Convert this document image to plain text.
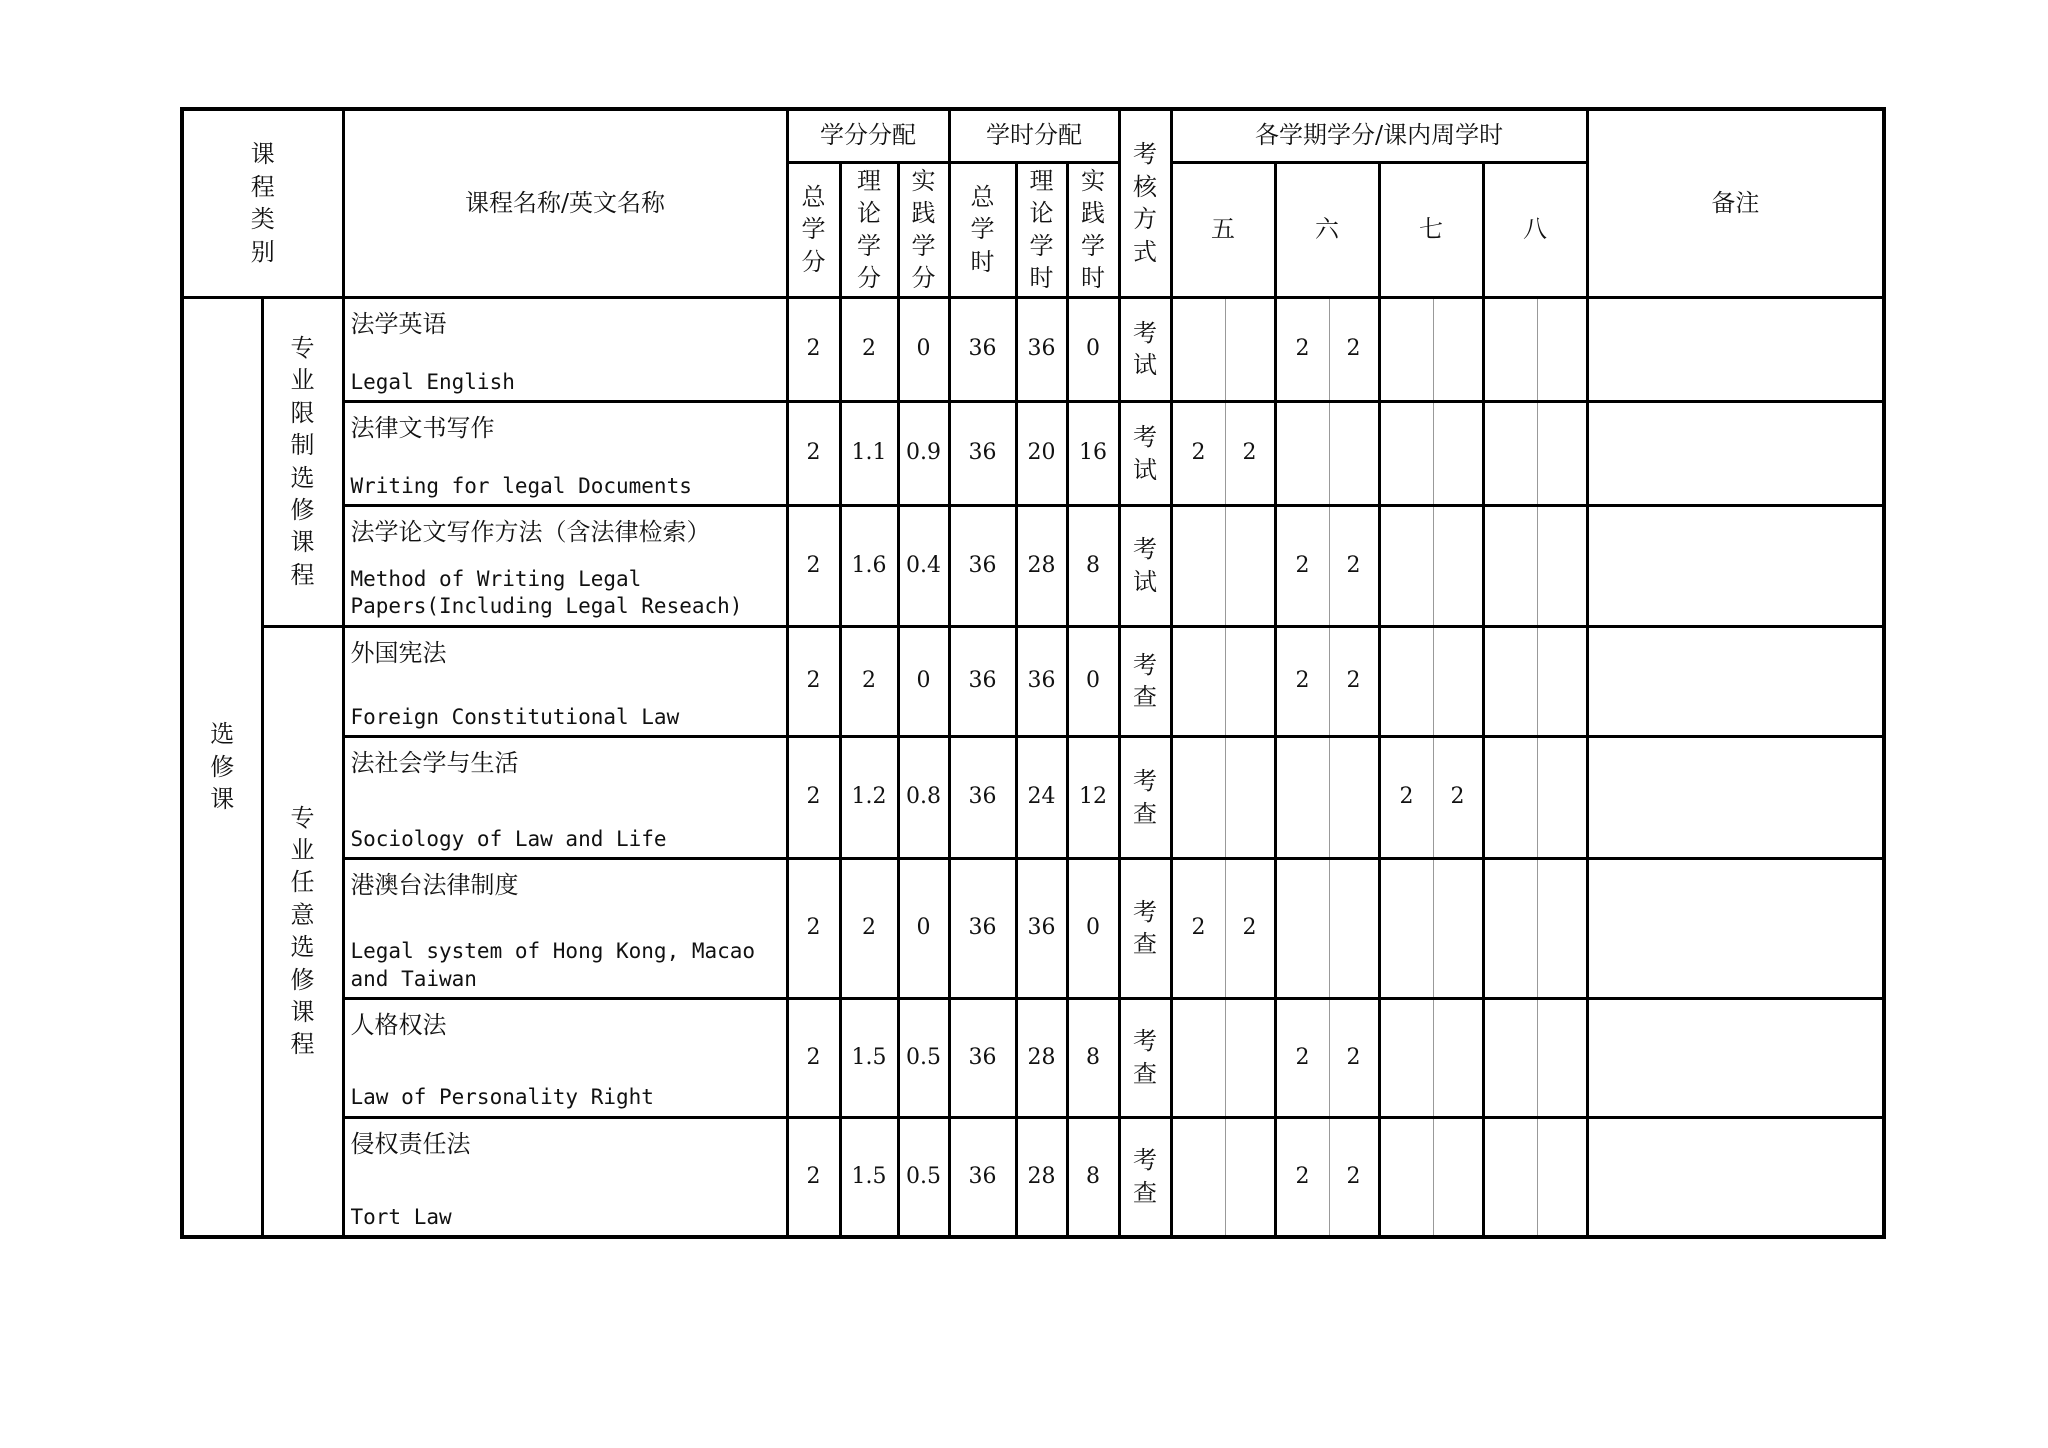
课程类别		课程名称/英文名称	学分分配			学时分配			考核方式	各学期学分/课内周学时								备注
			总学分	理论学分	实践学分	总学时	理论学时	实践学时		五		六		七		八		
选修课	专业限制选修课程	法学英语
Legal English	2	2	0	36	36	0	考试			2	2					

		法律文书写作
Writing for legal Documents	2	1.1	0.9	36	20	16	考试	2	2							

		法学论文写作方法（含法律检索）
Method of Writing Legal Papers(Including Legal Reseach)	2	1.6	0.4	36	28	8	考试			2	2					
	专业任意选修课程	外国宪法
Foreign Constitutional Law	2	2	0	36	36	0	考查			2	2					

		法社会学与生活
Sociology of Law and Life	2	1.2	0.8	36	24	12	考查					2	2			

		港澳台法律制度
Legal system of Hong Kong, Macao and Taiwan	2	2	0	36	36	0	考查	2	2							

		人格权法
Law of Personality Right	2	1.5	0.5	36	28	8	考查			2	2					

		侵权责任法
Tort Law	2	1.5	0.5	36	28	8	考查			2	2					
